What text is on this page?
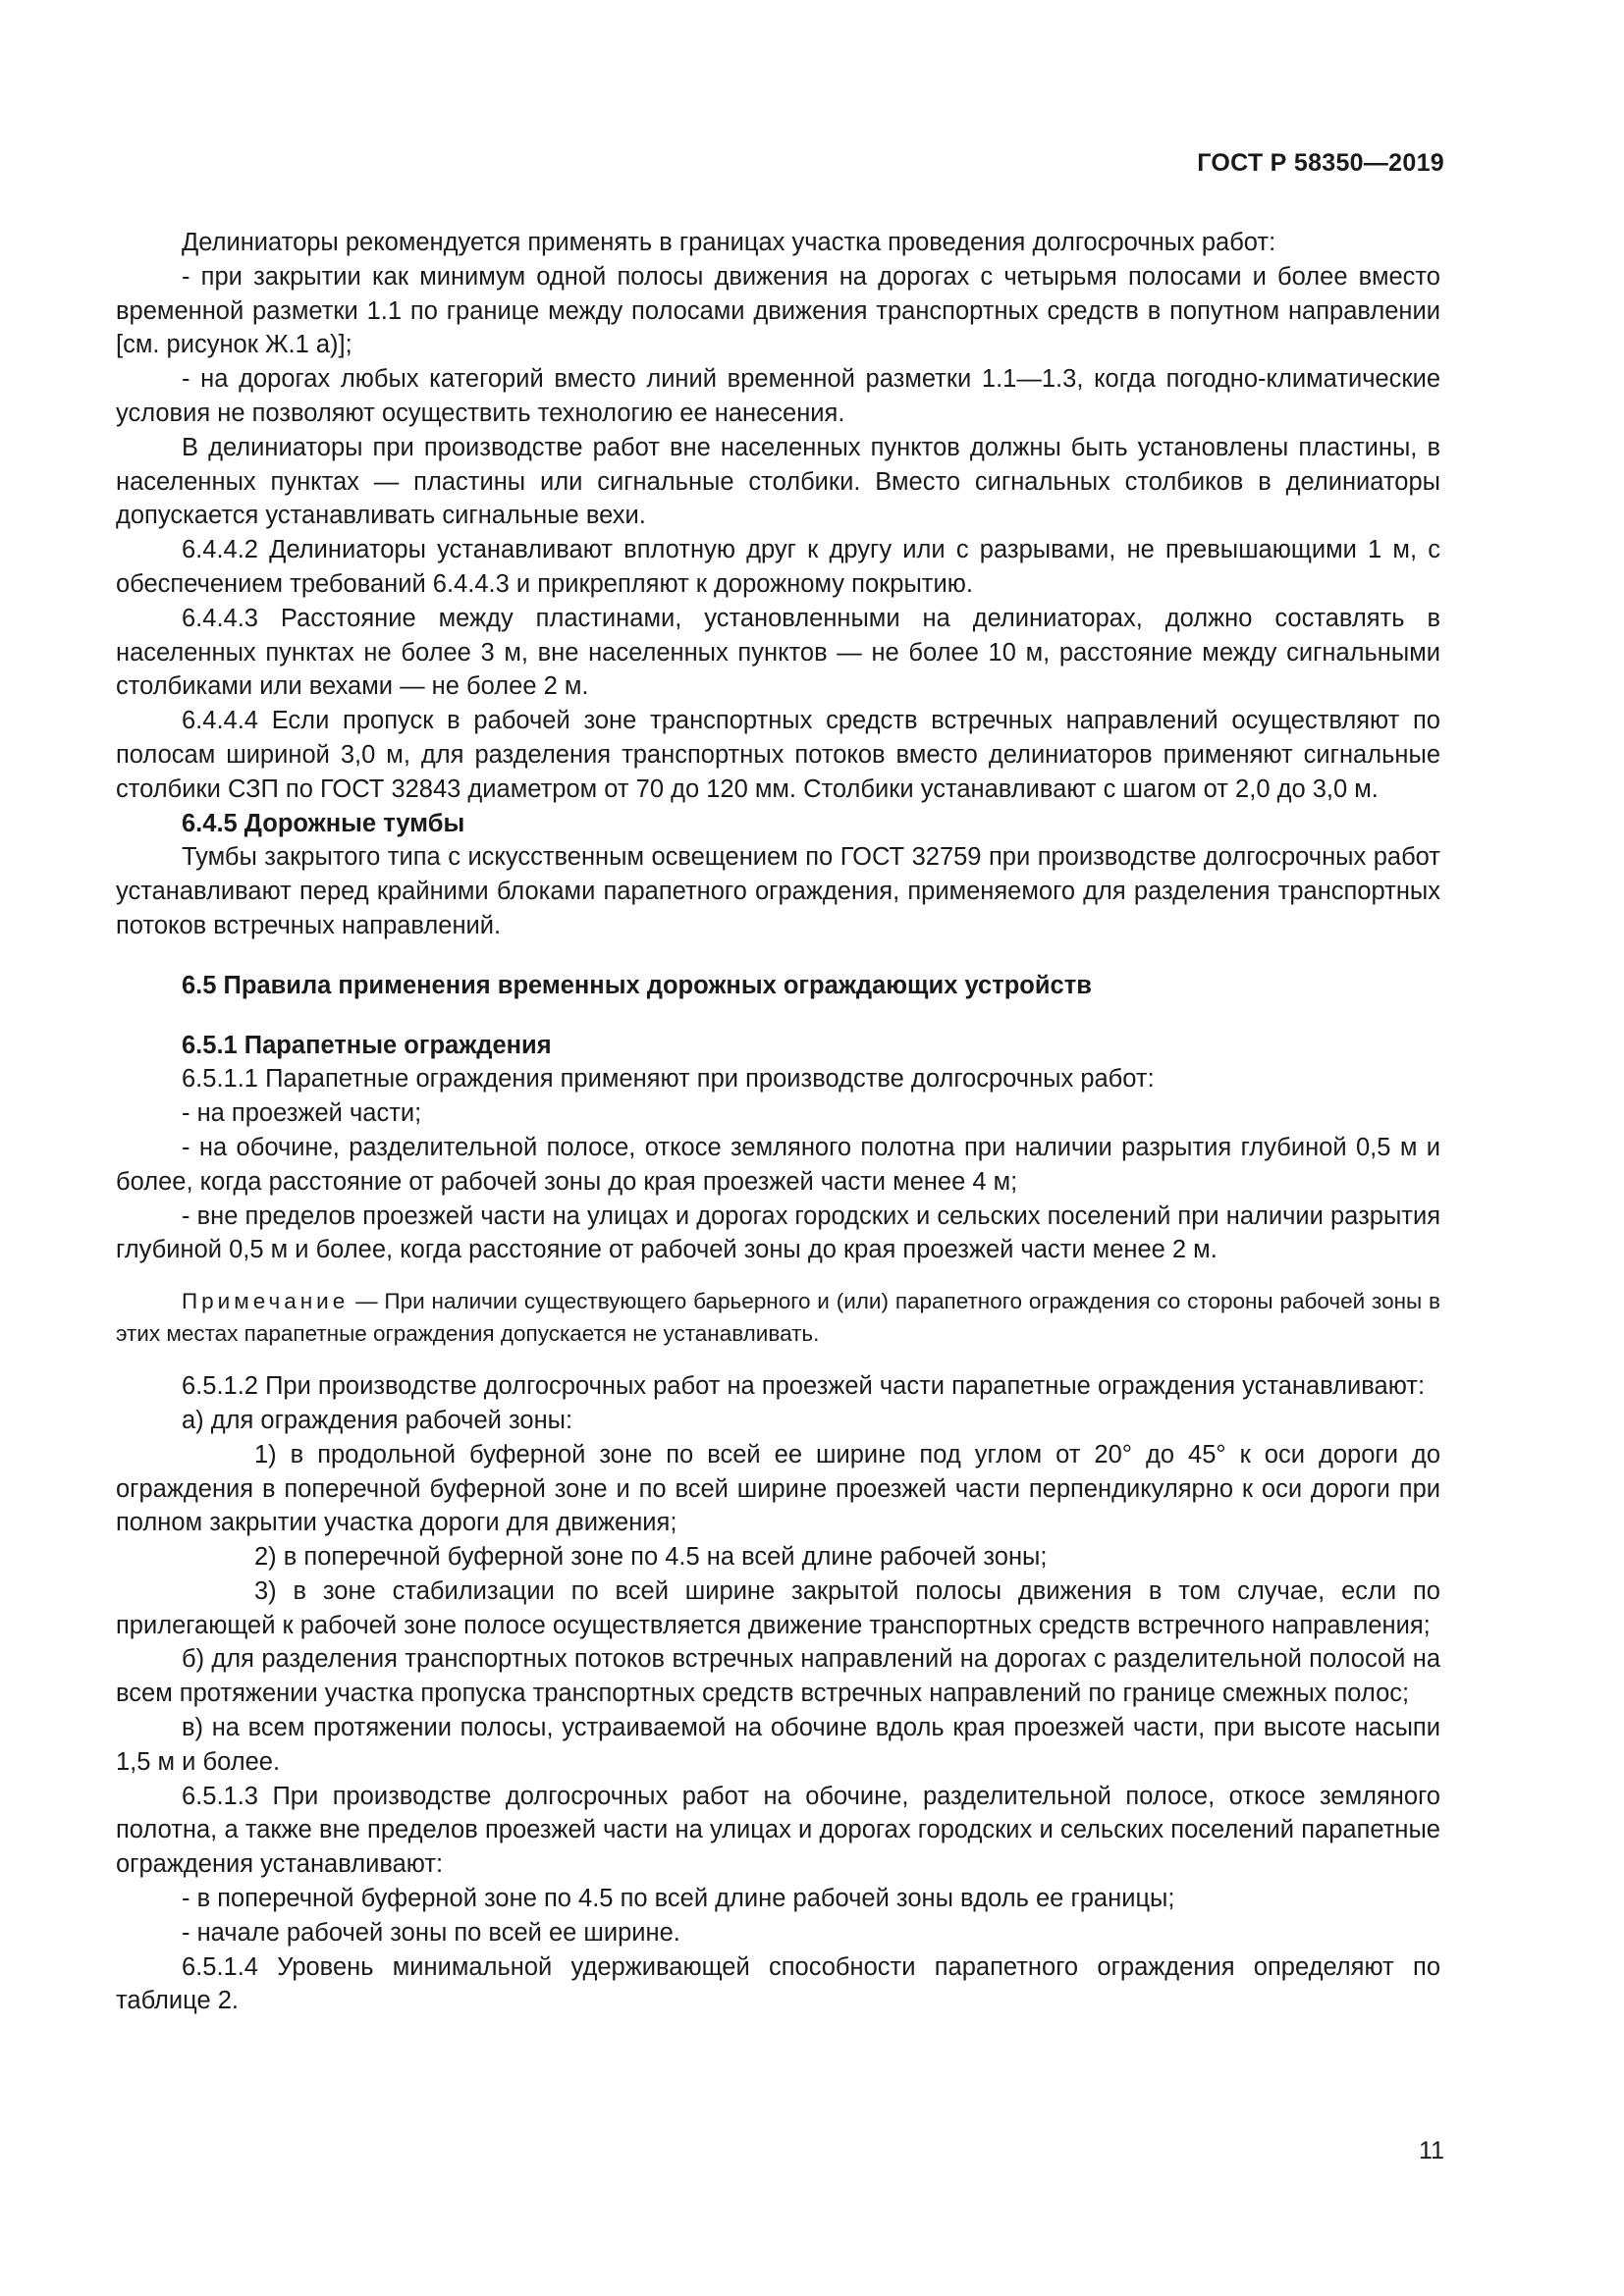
ГОСТ Р 58350—2019

Делиниаторы рекомендуется применять в границах участка проведения долгосрочных работ:

- при закрытии как минимум одной полосы движения на дорогах с четырьмя полосами и более вместо временной разметки 1.1 по границе между полосами движения транспортных средств в попутном направлении [см. рисунок Ж.1 а)];

- на дорогах любых категорий вместо линий временной разметки 1.1—1.3, когда погодно-климатические условия не позволяют осуществить технологию ее нанесения.

В делиниаторы при производстве работ вне населенных пунктов должны быть установлены пластины, в населенных пунктах — пластины или сигнальные столбики. Вместо сигнальных столбиков в делиниаторы допускается устанавливать сигнальные вехи.

6.4.4.2 Делиниаторы устанавливают вплотную друг к другу или с разрывами, не превышающими 1 м, с обеспечением требований 6.4.4.3 и прикрепляют к дорожному покрытию.

6.4.4.3 Расстояние между пластинами, установленными на делиниаторах, должно составлять в населенных пунктах не более 3 м, вне населенных пунктов — не более 10 м, расстояние между сигнальными столбиками или вехами — не более 2 м.

6.4.4.4 Если пропуск в рабочей зоне транспортных средств встречных направлений осуществляют по полосам шириной 3,0 м, для разделения транспортных потоков вместо делиниаторов применяют сигнальные столбики СЗП по ГОСТ 32843 диаметром от 70 до 120 мм. Столбики устанавливают с шагом от 2,0 до 3,0 м.

6.4.5 Дорожные тумбы

Тумбы закрытого типа с искусственным освещением по ГОСТ 32759 при производстве долгосрочных работ устанавливают перед крайними блоками парапетного ограждения, применяемого для разделения транспортных потоков встречных направлений.

6.5 Правила применения временных дорожных ограждающих устройств

6.5.1 Парапетные ограждения

6.5.1.1 Парапетные ограждения применяют при производстве долгосрочных работ:

- на проезжей части;

- на обочине, разделительной полосе, откосе земляного полотна при наличии разрытия глубиной 0,5 м и более, когда расстояние от рабочей зоны до края проезжей части менее 4 м;

- вне пределов проезжей части на улицах и дорогах городских и сельских поселений при наличии разрытия глубиной 0,5 м и более, когда расстояние от рабочей зоны до края проезжей части менее 2 м.

Примечание — При наличии существующего барьерного и (или) парапетного ограждения со стороны рабочей зоны в этих местах парапетные ограждения допускается не устанавливать.

6.5.1.2 При производстве долгосрочных работ на проезжей части парапетные ограждения устанавливают:

а) для ограждения рабочей зоны:

1) в продольной буферной зоне по всей ее ширине под углом от 20° до 45° к оси дороги до ограждения в поперечной буферной зоне и по всей ширине проезжей части перпендикулярно к оси дороги при полном закрытии участка дороги для движения;

2) в поперечной буферной зоне по 4.5 на всей длине рабочей зоны;

3) в зоне стабилизации по всей ширине закрытой полосы движения в том случае, если по прилегающей к рабочей зоне полосе осуществляется движение транспортных средств встречного направления;

б) для разделения транспортных потоков встречных направлений на дорогах с разделительной полосой на всем протяжении участка пропуска транспортных средств встречных направлений по границе смежных полос;

в) на всем протяжении полосы, устраиваемой на обочине вдоль края проезжей части, при высоте насыпи 1,5 м и более.

6.5.1.3 При производстве долгосрочных работ на обочине, разделительной полосе, откосе земляного полотна, а также вне пределов проезжей части на улицах и дорогах городских и сельских поселений парапетные ограждения устанавливают:

- в поперечной буферной зоне по 4.5 по всей длине рабочей зоны вдоль ее границы;

- начале рабочей зоны по всей ее ширине.

6.5.1.4 Уровень минимальной удерживающей способности парапетного ограждения определяют по таблице 2.

11
